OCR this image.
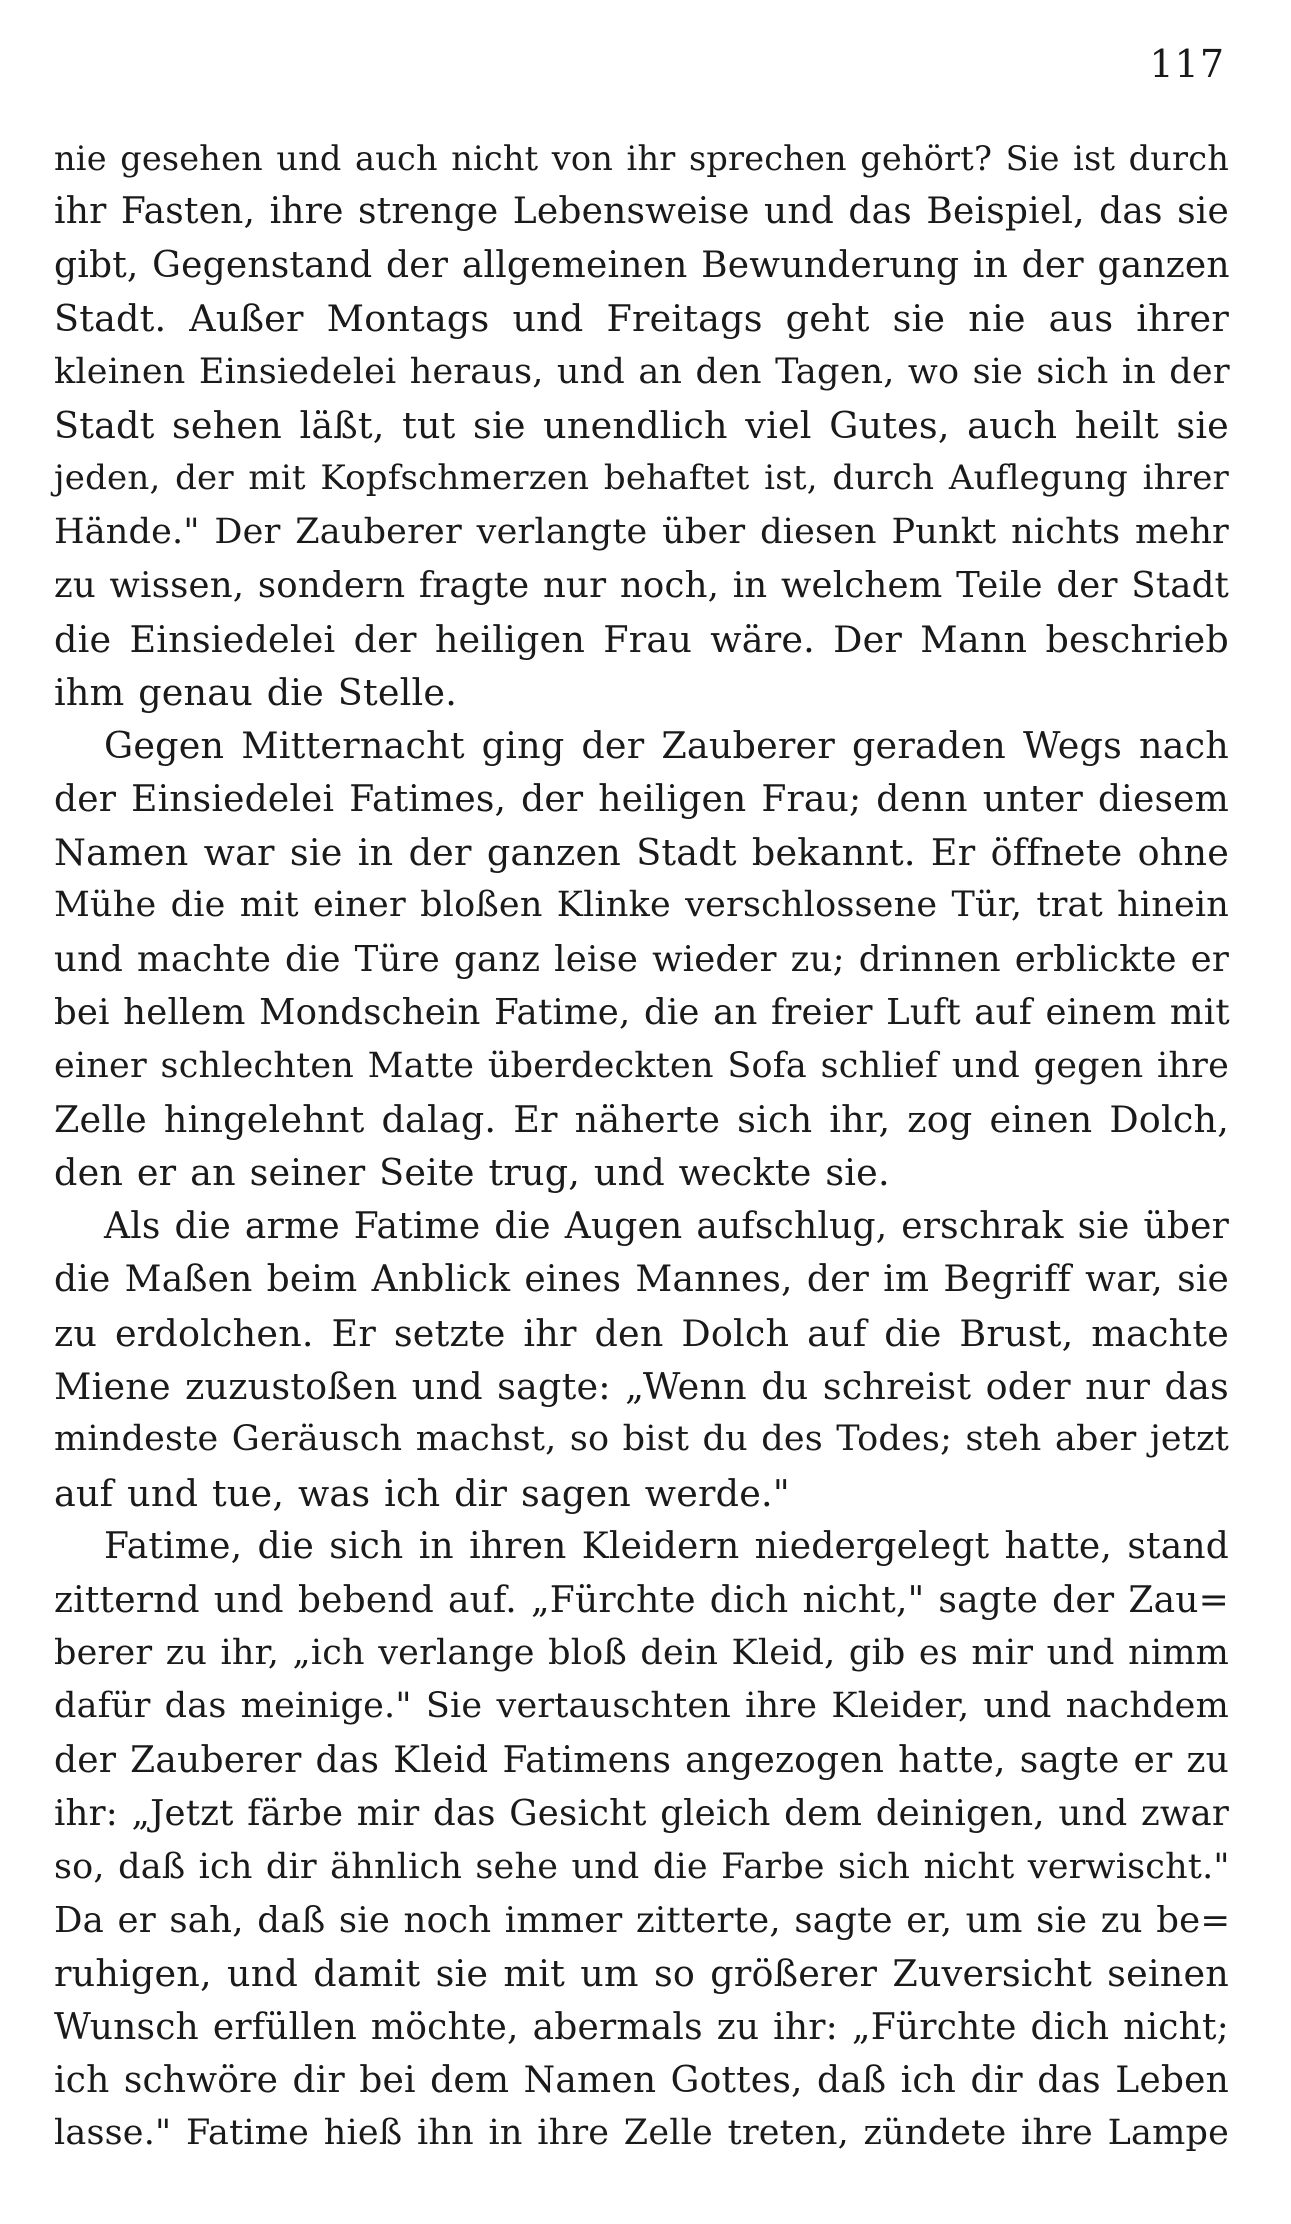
117
nie gesehen und auch nicht von ihr sprechen gehört? Sie ist durch
ihr Fasten, ihre strenge Lebensweise und das Beispiel, das sie
gibt, Gegenstand der allgemeinen Bewunderung in der ganzen
Stadt. Außer Montags und Freitags geht sie nie aus ihrer
kleinen Einsiedelei heraus, und an den Tagen, wo sie sich in der
Stadt sehen läßt, tut sie unendlich viel Gutes, auch heilt sie
jeden, der mit Kopfschmerzen behaftet ist, durch Auflegung ihrer
Hände." Der Zauberer verlangte über diesen Punkt nichts mehr
zu wissen, sondern fragte nur noch, in welchem Teile der Stadt
die Einsiedelei der heiligen Frau wäre. Der Mann beschrieb
ihm genau die Stelle.
Gegen Mitternacht ging der Zauberer geraden Wegs nach
der Einsiedelei Fatimes, der heiligen Frau; denn unter diesem
Namen war sie in der ganzen Stadt bekannt. Er öffnete ohne
Mühe die mit einer bloßen Klinke verschlossene Tür, trat hinein
und machte die Türe ganz leise wieder zu; drinnen erblickte er
bei hellem Mondschein Fatime, die an freier Luft auf einem mit
einer schlechten Matte überdeckten Sofa schlief und gegen ihre
Zelle hingelehnt dalag. Er näherte sich ihr, zog einen Dolch,
den er an seiner Seite trug, und weckte sie.
Als die arme Fatime die Augen aufschlug, erschrak sie über
die Maßen beim Anblick eines Mannes, der im Begriff war, sie
zu erdolchen. Er setzte ihr den Dolch auf die Brust, machte
Miene zuzustoßen und sagte: „Wenn du schreist oder nur das
mindeste Geräusch machst, so bist du des Todes; steh aber jetzt
auf und tue, was ich dir sagen werde."
Fatime, die sich in ihren Kleidern niedergelegt hatte, stand
zitternd und bebend auf. „Fürchte dich nicht," sagte der Zau=
berer zu ihr, „ich verlange bloß dein Kleid, gib es mir und nimm
dafür das meinige." Sie vertauschten ihre Kleider, und nachdem
der Zauberer das Kleid Fatimens angezogen hatte, sagte er zu
ihr: „Jetzt färbe mir das Gesicht gleich dem deinigen, und zwar
so, daß ich dir ähnlich sehe und die Farbe sich nicht verwischt."
Da er sah, daß sie noch immer zitterte, sagte er, um sie zu be=
ruhigen, und damit sie mit um so größerer Zuversicht seinen
Wunsch erfüllen möchte, abermals zu ihr: „Fürchte dich nicht;
ich schwöre dir bei dem Namen Gottes, daß ich dir das Leben
lasse." Fatime hieß ihn in ihre Zelle treten, zündete ihre Lampe
